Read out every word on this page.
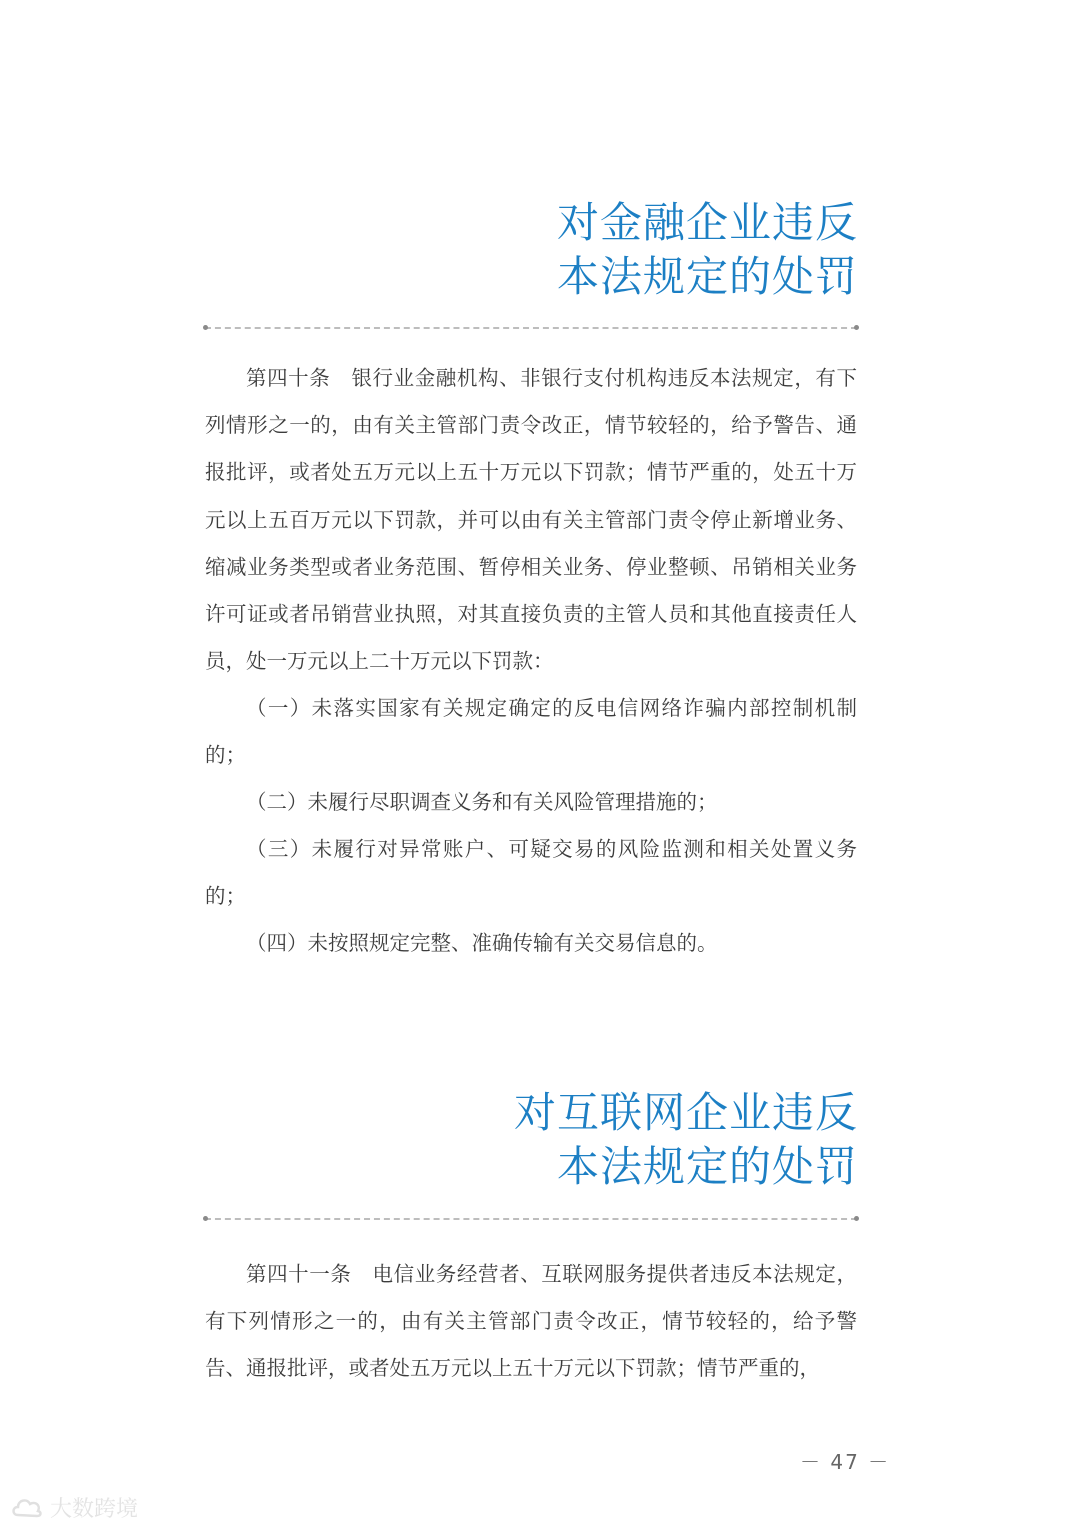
对金融企业违反
本法规定的处罚

第四十条　银行业金融机构、非银行支付机构违反本法规定，有下列情形之一的，由有关主管部门责令改正，情节较轻的，给予警告、通报批评，或者处五万元以上五十万元以下罚款；情节严重的，处五十万元以上五百万元以下罚款，并可以由有关主管部门责令停止新增业务、缩减业务类型或者业务范围、暂停相关业务、停业整顿、吊销相关业务许可证或者吊销营业执照，对其直接负责的主管人员和其他直接责任人员，处一万元以上二十万元以下罚款：

（一）未落实国家有关规定确定的反电信网络诈骗内部控制机制的；

（二）未履行尽职调查义务和有关风险管理措施的；

（三）未履行对异常账户、可疑交易的风险监测和相关处置义务的；

（四）未按照规定完整、准确传输有关交易信息的。

对互联网企业违反
本法规定的处罚

第四十一条　电信业务经营者、互联网服务提供者违反本法规定，有下列情形之一的，由有关主管部门责令改正，情节较轻的，给予警告、通报批评，或者处五万元以上五十万元以下罚款；情节严重的，

－ 47 －
大数跨境
